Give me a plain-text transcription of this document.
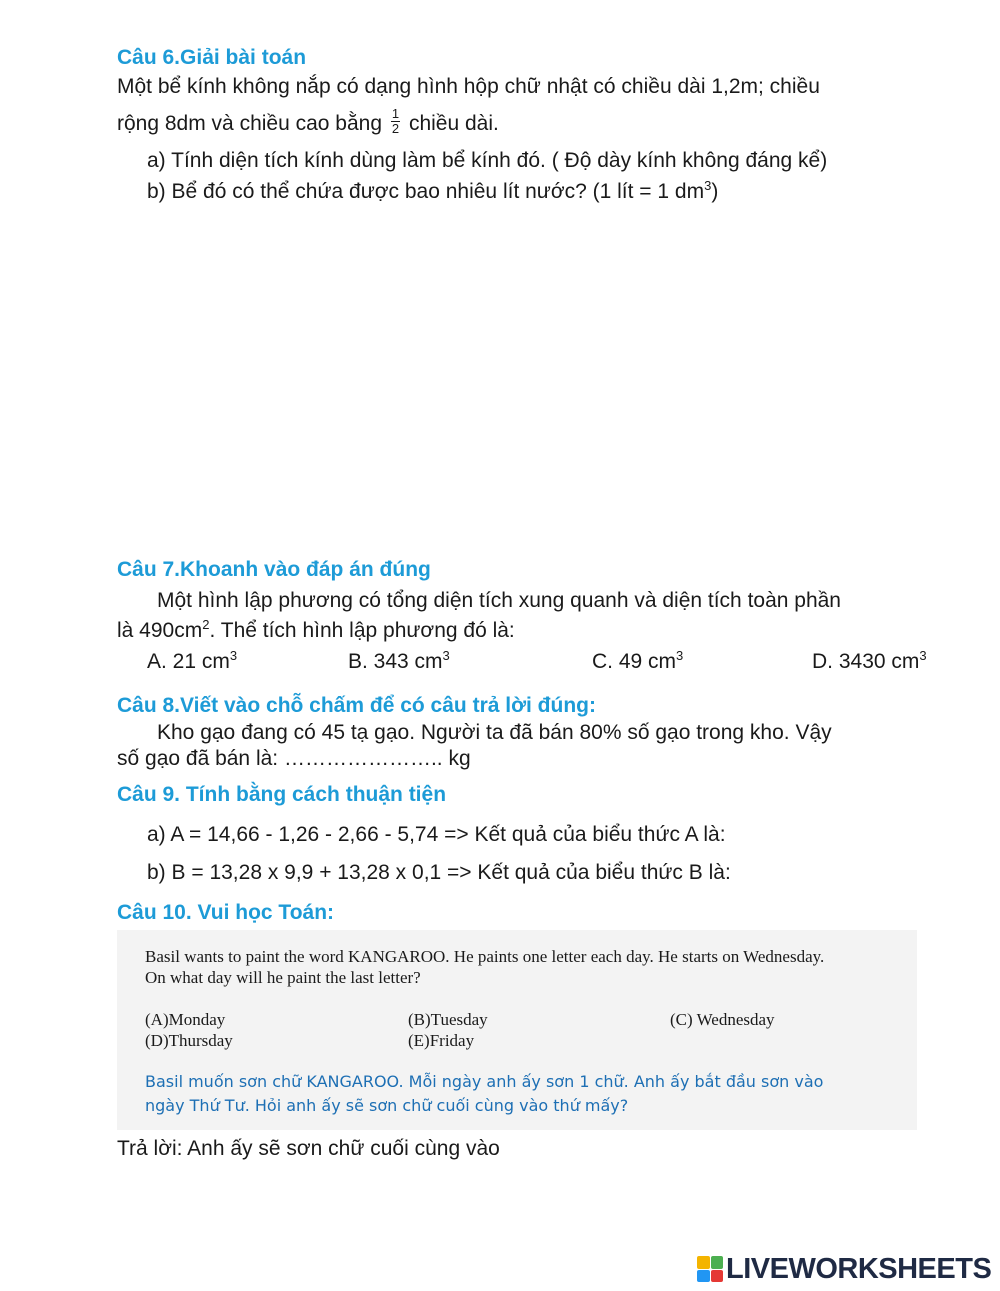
Câu 6.Giải bài toán
Một bể kính không nắp có dạng hình hộp chữ nhật có chiều dài 1,2m; chiều
rộng 8dm và chiều cao bằng $\frac{1}{2}$ chiều dài.
a) Tính diện tích kính dùng làm bể kính đó. ( Độ dày kính không đáng kể)
b) Bể đó có thể chứa được bao nhiêu lít nước? (1 lít = 1 $dm^3$)
Câu 7.Khoanh vào đáp án đúng
Một hình lập phương có tổng diện tích xung quanh và diện tích toàn phần
là $490cm^2$. Thể tích hình lập phương đó là:
A. 21 $cm^3$	B. 343 $cm^3$	C. 49 $cm^3$	D. 3430 $cm^3$
Câu 8.Viết vào chỗ chấm để có câu trả lời đúng:
Kho gạo đang có 45 tạ gạo. Người ta đã bán 80% số gạo trong kho. Vậy
số gạo đã bán là: ………………….. kg
Câu 9. Tính bằng cách thuận tiện
a) A = 14,66 - 1,26 - 2,66 - 5,74 => Kết quả của biểu thức A là:
b) B = 13,28 x 9,9 + 13,28 x 0,1 => Kết quả của biểu thức B là:
Câu 10. Vui học Toán:
Basil wants to paint the word KANGAROO. He paints one letter each day. He starts on Wednesday.
On what day will he paint the last letter?
(A)Monday	(B)Tuesday	(C) Wednesday
(D)Thursday	(E)Friday
Basil muốn sơn chữ KANGAROO. Mỗi ngày anh ấy sơn 1 chữ. Anh ấy bắt đầu sơn vào
ngày Thứ Tư. Hỏi anh ấy sẽ sơn chữ cuối cùng vào thứ mấy?
Trả lời: Anh ấy sẽ sơn chữ cuối cùng vào
LIVEWORKSHEETS
